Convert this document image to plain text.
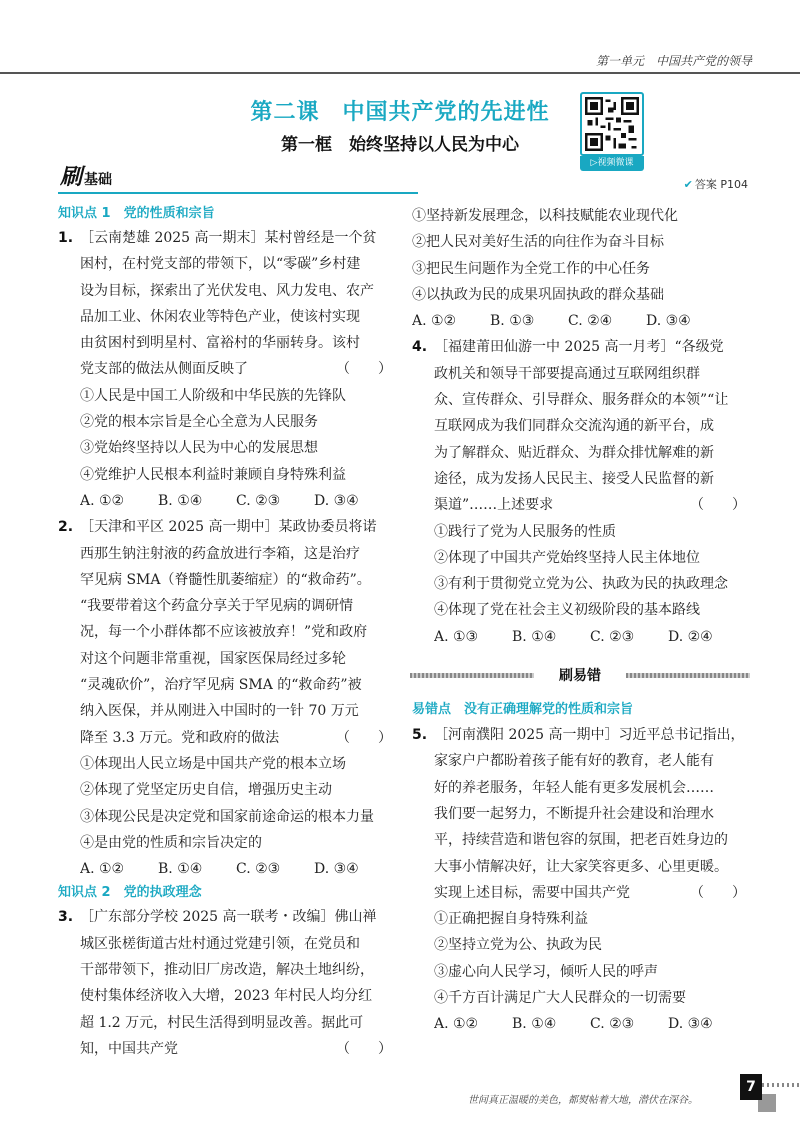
第一单元　中国共产党的领导
第二课　中国共产党的先进性
第一框　始终坚持以人民为中心
▷视频微课
刷 基础	✔ 答案 P104
知识点 1　党的性质和宗旨
1. ［云南楚雄 2025 高一期末］某村曾经是一个贫
困村，在村党支部的带领下，以“零碳”乡村建
设为目标，探索出了光伏发电、风力发电、农产
品加工业、休闲农业等特色产业，使该村实现
由贫困村到明星村、富裕村的华丽转身。该村
党支部的做法从侧面反映了	（　　）
①人民是中国工人阶级和中华民族的先锋队
②党的根本宗旨是全心全意为人民服务
③党始终坚持以人民为中心的发展思想
④党维护人民根本利益时兼顾自身特殊利益
A. ①②	B. ①④	C. ②③	D. ③④
2. ［天津和平区 2025 高一期中］某政协委员将诺
西那生钠注射液的药盒放进行李箱，这是治疗
罕见病 SMA（脊髓性肌萎缩症）的“救命药”。
“我要带着这个药盒分享关于罕见病的调研情
况，每一个小群体都不应该被放弃！”党和政府
对这个问题非常重视，国家医保局经过多轮
“灵魂砍价”，治疗罕见病 SMA 的“救命药”被
纳入医保，并从刚进入中国时的一针 70 万元
降至 3.3 万元。党和政府的做法	（　　）
①体现出人民立场是中国共产党的根本立场
②体现了党坚定历史自信，增强历史主动
③体现公民是决定党和国家前途命运的根本力量
④是由党的性质和宗旨决定的
A. ①②	B. ①④	C. ②③	D. ③④
知识点 2　党的执政理念
3. ［广东部分学校 2025 高一联考・改编］佛山禅
城区张槎街道古灶村通过党建引领，在党员和
干部带领下，推动旧厂房改造，解决土地纠纷，
使村集体经济收入大增，2023 年村民人均分红
超 1.2 万元，村民生活得到明显改善。据此可
知，中国共产党	（　　）
①坚持新发展理念，以科技赋能农业现代化
②把人民对美好生活的向往作为奋斗目标
③把民生问题作为全党工作的中心任务
④以执政为民的成果巩固执政的群众基础
A. ①②	B. ①③	C. ②④	D. ③④
4. ［福建莆田仙游一中 2025 高一月考］“各级党
政机关和领导干部要提高通过互联网组织群
众、宣传群众、引导群众、服务群众的本领”“让
互联网成为我们同群众交流沟通的新平台，成
为了解群众、贴近群众、为群众排忧解难的新
途径，成为发扬人民民主、接受人民监督的新
渠道”……上述要求	（　　）
①践行了党为人民服务的性质
②体现了中国共产党始终坚持人民主体地位
③有利于贯彻党立党为公、执政为民的执政理念
④体现了党在社会主义初级阶段的基本路线
A. ①③	B. ①④	C. ②③	D. ②④
刷易错
易错点　没有正确理解党的性质和宗旨
5. ［河南濮阳 2025 高一期中］习近平总书记指出，
家家户户都盼着孩子能有好的教育，老人能有
好的养老服务，年轻人能有更多发展机会……
我们要一起努力，不断提升社会建设和治理水
平，持续营造和谐包容的氛围，把老百姓身边的
大事小情解决好，让大家笑容更多、心里更暖。
实现上述目标，需要中国共产党	（　　）
①正确把握自身特殊利益
②坚持立党为公、执政为民
③虚心向人民学习，倾听人民的呼声
④千方百计满足广大人民群众的一切需要
A. ①②	B. ①④	C. ②③	D. ③④
世间真正温暖的美色，都熨帖着大地，潜伏在深谷。
7
